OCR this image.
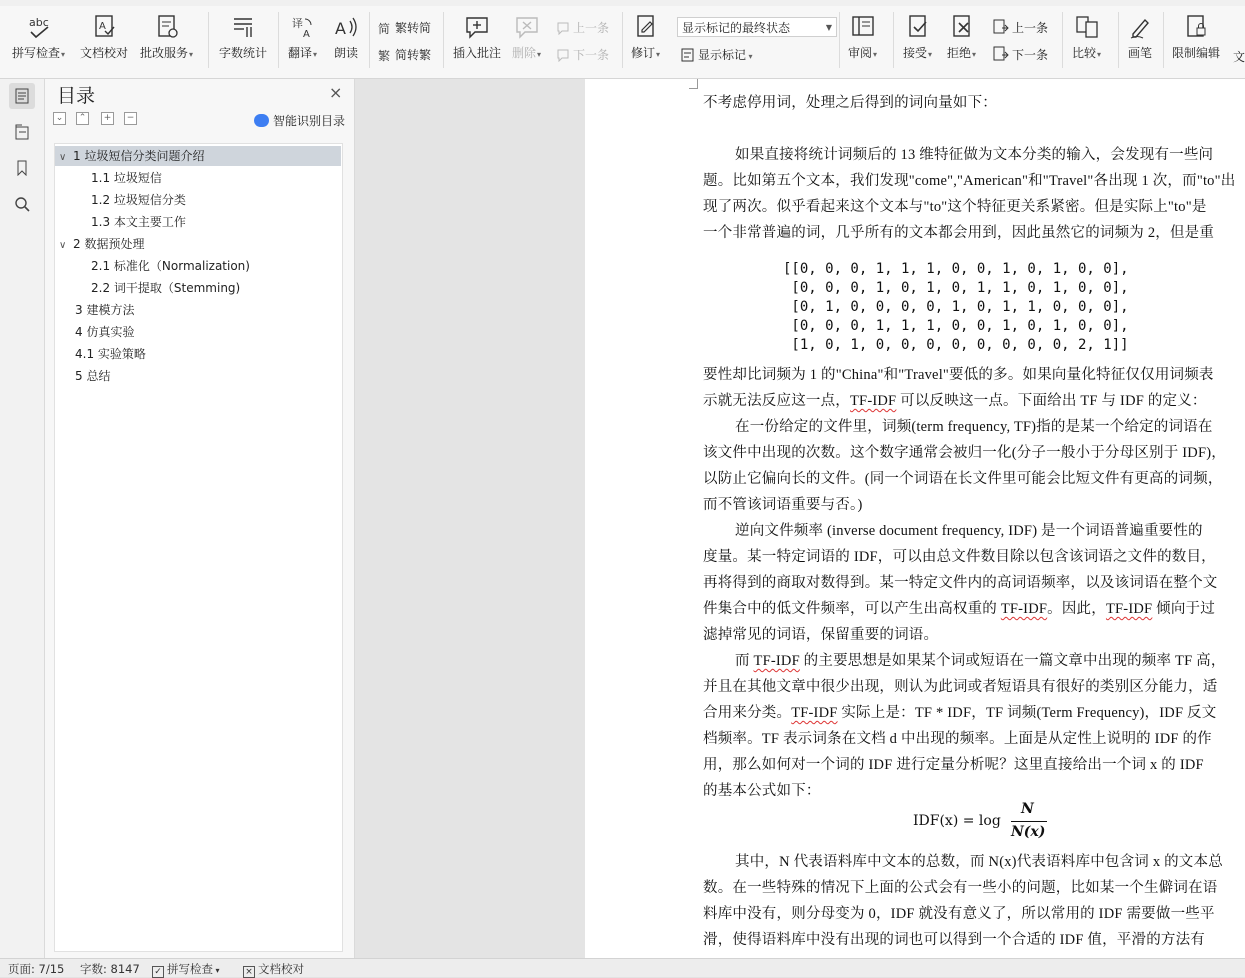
abc
拼写检查▾
A
文档校对 批改服务▾ 字数统计
译
A
翻译▾
A
朗读
简 繁转简
繁 简转繁 插入批注 删除▾
上一条
下一条 修订▾
显示标记的最终状态	▼
显示标记 ▾	审阅▾ 接受▾ 拒绝▾
上一条
下一条 比较▾ 画笔 限制编辑 文
目录	×
⌄	⌃	+	−	智能识别目录
∨ 1 垃圾短信分类问题介绍
1.1 垃圾短信
1.2 垃圾短信分类
1.3 本文主要工作
∨ 2 数据预处理
2.1 标准化（Normalization)
2.2 词干提取（Stemming)
3 建模方法
4 仿真实验
4.1 实验策略
5 总结
不考虑停用词，处理之后得到的词向量如下：
如果直接将统计词频后的 13 维特征做为文本分类的输入，会发现有一些问
题。比如第五个文本，我们发现"come","American"和"Travel"各出现 1 次，而"to"出
现了两次。似乎看起来这个文本与"to"这个特征更关系紧密。但是实际上"to"是
一个非常普遍的词，几乎所有的文本都会用到，因此虽然它的词频为 2，但是重
[[0, 0, 0, 1, 1, 1, 0, 0, 1, 0, 1, 0, 0],
[0, 0, 0, 1, 0, 1, 0, 1, 1, 0, 1, 0, 0],
[0, 1, 0, 0, 0, 0, 1, 0, 1, 1, 0, 0, 0],
[0, 0, 0, 1, 1, 1, 0, 0, 1, 0, 1, 0, 0],
[1, 0, 1, 0, 0, 0, 0, 0, 0, 0, 0, 2, 1]]
要性却比词频为 1 的"China"和"Travel"要低的多。如果向量化特征仅仅用词频表
示就无法反应这一点，TF-IDF 可以反映这一点。下面给出 TF 与 IDF 的定义：
在一份给定的文件里，词频(term frequency, TF)指的是某一个给定的词语在
该文件中出现的次数。这个数字通常会被归一化(分子一般小于分母区别于 IDF)，
以防止它偏向长的文件。(同一个词语在长文件里可能会比短文件有更高的词频，
而不管该词语重要与否。)
逆向文件频率 (inverse document frequency, IDF) 是一个词语普遍重要性的
度量。某一特定词语的 IDF，可以由总文件数目除以包含该词语之文件的数目，
再将得到的商取对数得到。某一特定文件内的高词语频率，以及该词语在整个文
件集合中的低文件频率，可以产生出高权重的 TF-IDF。因此，TF-IDF 倾向于过
滤掉常见的词语，保留重要的词语。
而 TF-IDF 的主要思想是如果某个词或短语在一篇文章中出现的频率 TF 高，
并且在其他文章中很少出现，则认为此词或者短语具有很好的类别区分能力，适
合用来分类。TF-IDF 实际上是：TF * IDF，TF 词频(Term Frequency)，IDF 反文
档频率。TF 表示词条在文档 d 中出现的频率。上面是从定性上说明的 IDF 的作
用，那么如何对一个词的 IDF 进行定量分析呢？这里直接给出一个词 x 的 IDF
的基本公式如下：
IDF(x) = log
N
N(x)
其中，N 代表语料库中文本的总数，而 N(x)代表语料库中包含词 x 的文本总
数。在一些特殊的情况下上面的公式会有一些小的问题，比如某一个生僻词在语
料库中没有，则分母变为 0，IDF 就没有意义了，所以常用的 IDF 需要做一些平
滑，使得语料库中没有出现的词也可以得到一个合适的 IDF 值，平滑的方法有
页面: 7/15 字数: 8147 ✓ 拼写检查 ▾	× 文档校对
